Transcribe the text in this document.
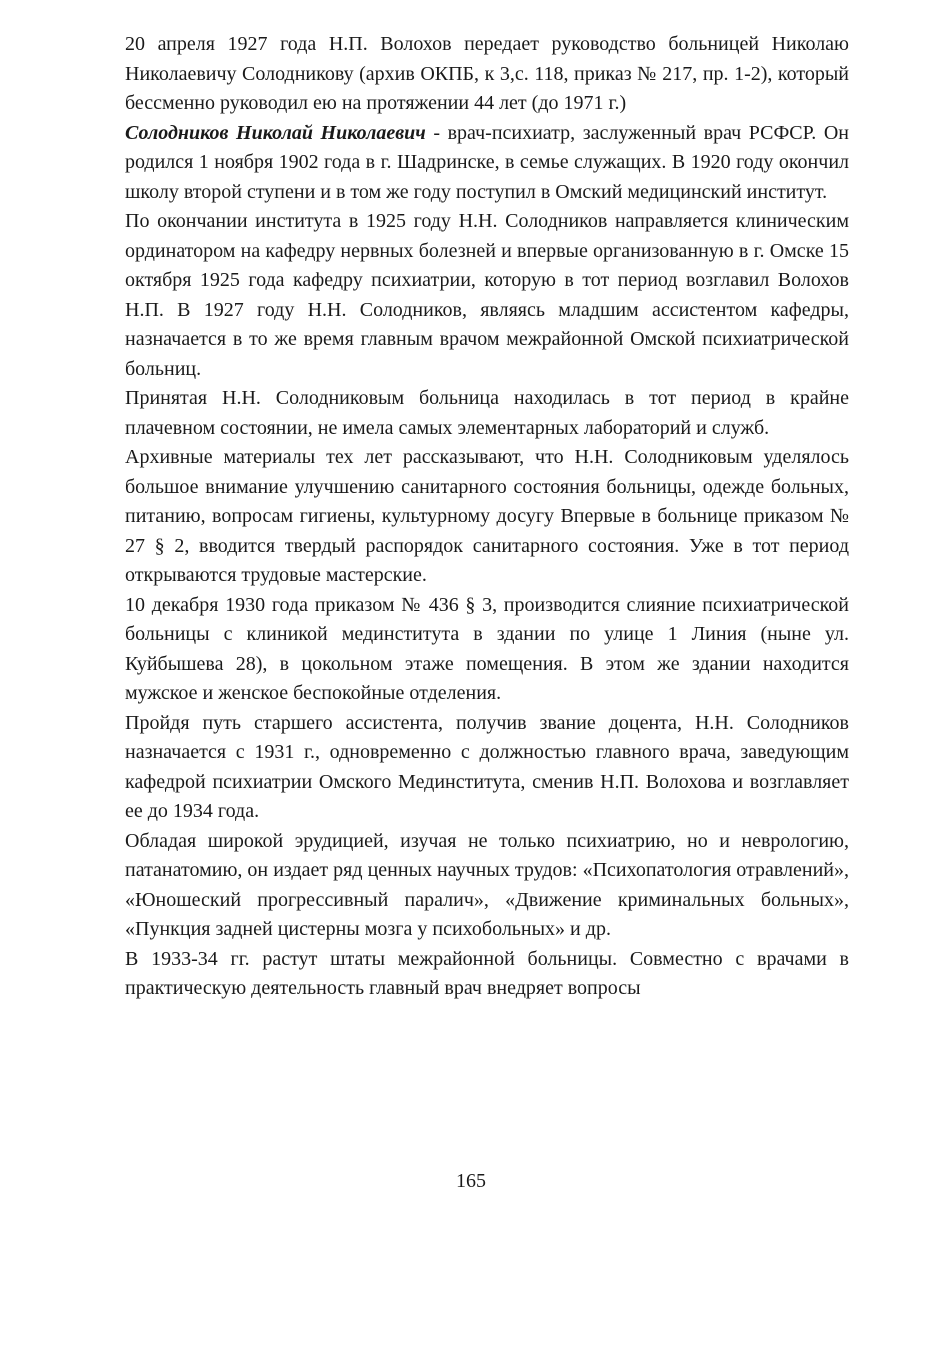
20 апреля 1927 года Н.П. Волохов передает руководство больницей Николаю Николаевичу Солодникову (архив ОКПБ, к 3,с. 118, приказ № 217, пр. 1-2), который бессменно руководил ею на протяжении 44 лет (до 1971 г.)

Солодников Николай Николаевич - врач-психиатр, заслуженный врач РСФСР. Он родился 1 ноября 1902 года в г. Шадринске, в семье служащих. В 1920 году окончил школу второй ступени и в том же году поступил в Омский медицинский институт.

По окончании института в 1925 году Н.Н. Солодников направляется клиническим ординатором на кафедру нервных болезней и впервые организованную в г. Омске 15 октября 1925 года кафедру психиатрии, которую в тот период возглавил Волохов Н.П. В 1927 году Н.Н. Солодников, являясь младшим ассистентом кафедры, назначается в то же время главным врачом межрайонной Омской психиатрической больниц.

Принятая Н.Н. Солодниковым больница находилась в тот период в крайне плачевном состоянии, не имела самых элементарных лабораторий и служб.

Архивные материалы тех лет рассказывают, что Н.Н. Солодниковым уделялось большое внимание улучшению санитарного состояния больницы, одежде больных, питанию, вопросам гигиены, культурному досугу Впервые в больнице приказом № 27 § 2, вводится твердый распорядок санитарного состояния. Уже в тот период открываются трудовые мастерские.

10 декабря 1930 года приказом № 436 § 3, производится слияние психиатрической больницы с клиникой мединститута в здании по улице 1 Линия (ныне ул. Куйбышева 28), в цокольном этаже помещения. В этом же здании находится мужское и женское беспокойные отделения.

Пройдя путь старшего ассистента, получив звание доцента, Н.Н. Солодников назначается с 1931 г., одновременно с должностью главного врача, заведующим кафедрой психиатрии Омского Мединститута, сменив Н.П. Волохова и возглавляет ее до 1934 года.

Обладая широкой эрудицией, изучая не только психиатрию, но и неврологию, патанатомию, он издает ряд ценных научных трудов: «Психопатология отравлений», «Юношеский прогрессивный паралич», «Движение криминальных больных», «Пункция задней цистерны мозга у психобольных» и др.

В 1933-34 гг. растут штаты межрайонной больницы. Совместно с врачами в практическую деятельность главный врач внедряет вопросы

165
